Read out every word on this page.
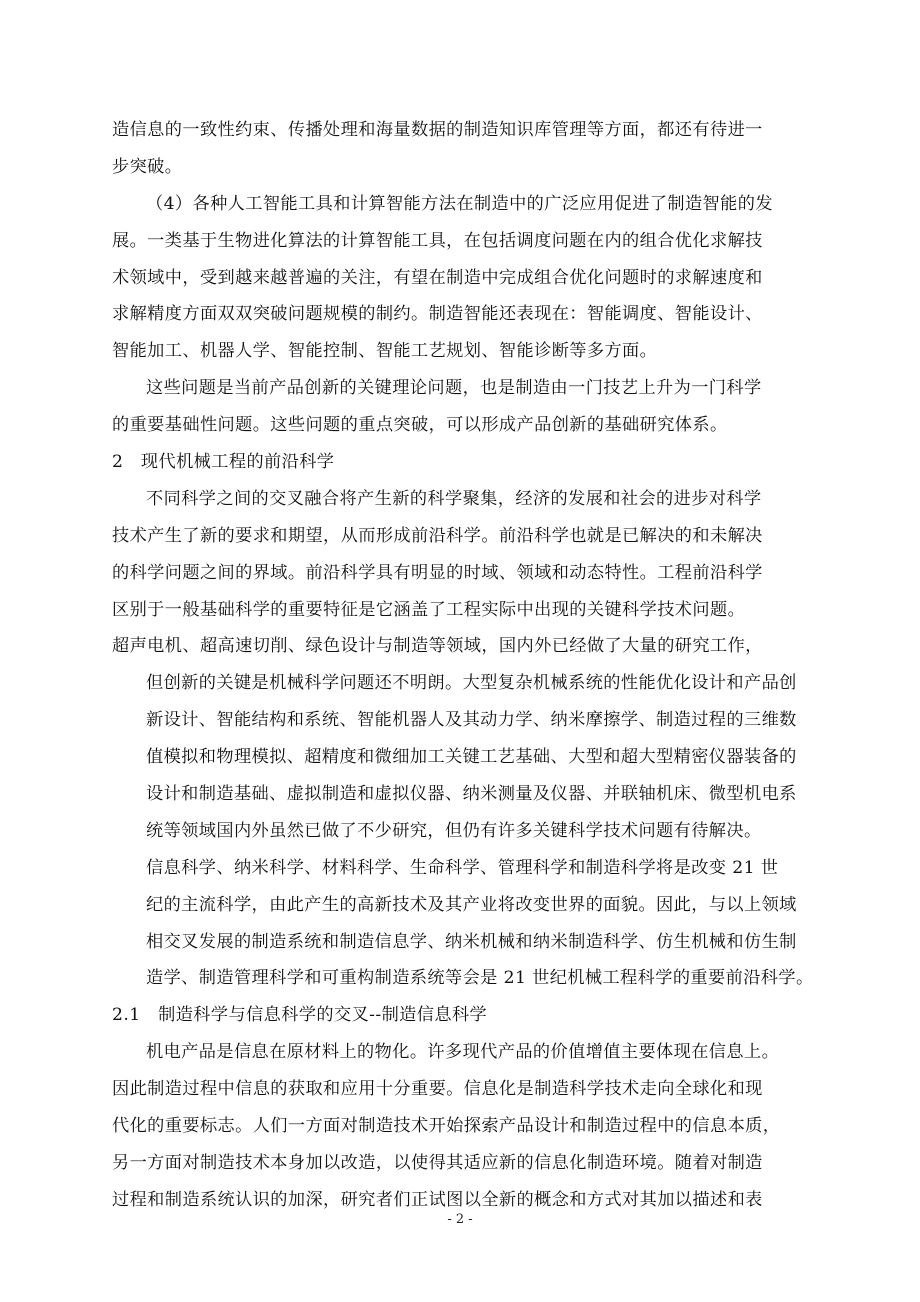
造信息的一致性约束、传播处理和海量数据的制造知识库管理等方面，都还有待进一
步突破。
（4）各种人工智能工具和计算智能方法在制造中的广泛应用促进了制造智能的发
展。一类基于生物进化算法的计算智能工具，在包括调度问题在内的组合优化求解技
术领域中，受到越来越普遍的关注，有望在制造中完成组合优化问题时的求解速度和
求解精度方面双双突破问题规模的制约。制造智能还表现在：智能调度、智能设计、
智能加工、机器人学、智能控制、智能工艺规划、智能诊断等多方面。
这些问题是当前产品创新的关键理论问题，也是制造由一门技艺上升为一门科学
的重要基础性问题。这些问题的重点突破，可以形成产品创新的基础研究体系。
2　现代机械工程的前沿科学
不同科学之间的交叉融合将产生新的科学聚集，经济的发展和社会的进步对科学
技术产生了新的要求和期望，从而形成前沿科学。前沿科学也就是已解决的和未解决
的科学问题之间的界域。前沿科学具有明显的时域、领域和动态特性。工程前沿科学
区别于一般基础科学的重要特征是它涵盖了工程实际中出现的关键科学技术问题。
超声电机、超高速切削、绿色设计与制造等领域，国内外已经做了大量的研究工作，
但创新的关键是机械科学问题还不明朗。大型复杂机械系统的性能优化设计和产品创
新设计、智能结构和系统、智能机器人及其动力学、纳米摩擦学、制造过程的三维数
值模拟和物理模拟、超精度和微细加工关键工艺基础、大型和超大型精密仪器装备的
设计和制造基础、虚拟制造和虚拟仪器、纳米测量及仪器、并联轴机床、微型机电系
统等领域国内外虽然已做了不少研究，但仍有许多关键科学技术问题有待解决。
信息科学、纳米科学、材料科学、生命科学、管理科学和制造科学将是改变 21 世
纪的主流科学，由此产生的高新技术及其产业将改变世界的面貌。因此，与以上领域
相交叉发展的制造系统和制造信息学、纳米机械和纳米制造科学、仿生机械和仿生制
造学、制造管理科学和可重构制造系统等会是 21 世纪机械工程科学的重要前沿科学。
2.1　制造科学与信息科学的交叉--制造信息科学
机电产品是信息在原材料上的物化。许多现代产品的价值增值主要体现在信息上。
因此制造过程中信息的获取和应用十分重要。信息化是制造科学技术走向全球化和现
代化的重要标志。人们一方面对制造技术开始探索产品设计和制造过程中的信息本质，
另一方面对制造技术本身加以改造，以使得其适应新的信息化制造环境。随着对制造
过程和制造系统认识的加深，研究者们正试图以全新的概念和方式对其加以描述和表
- 2 -
